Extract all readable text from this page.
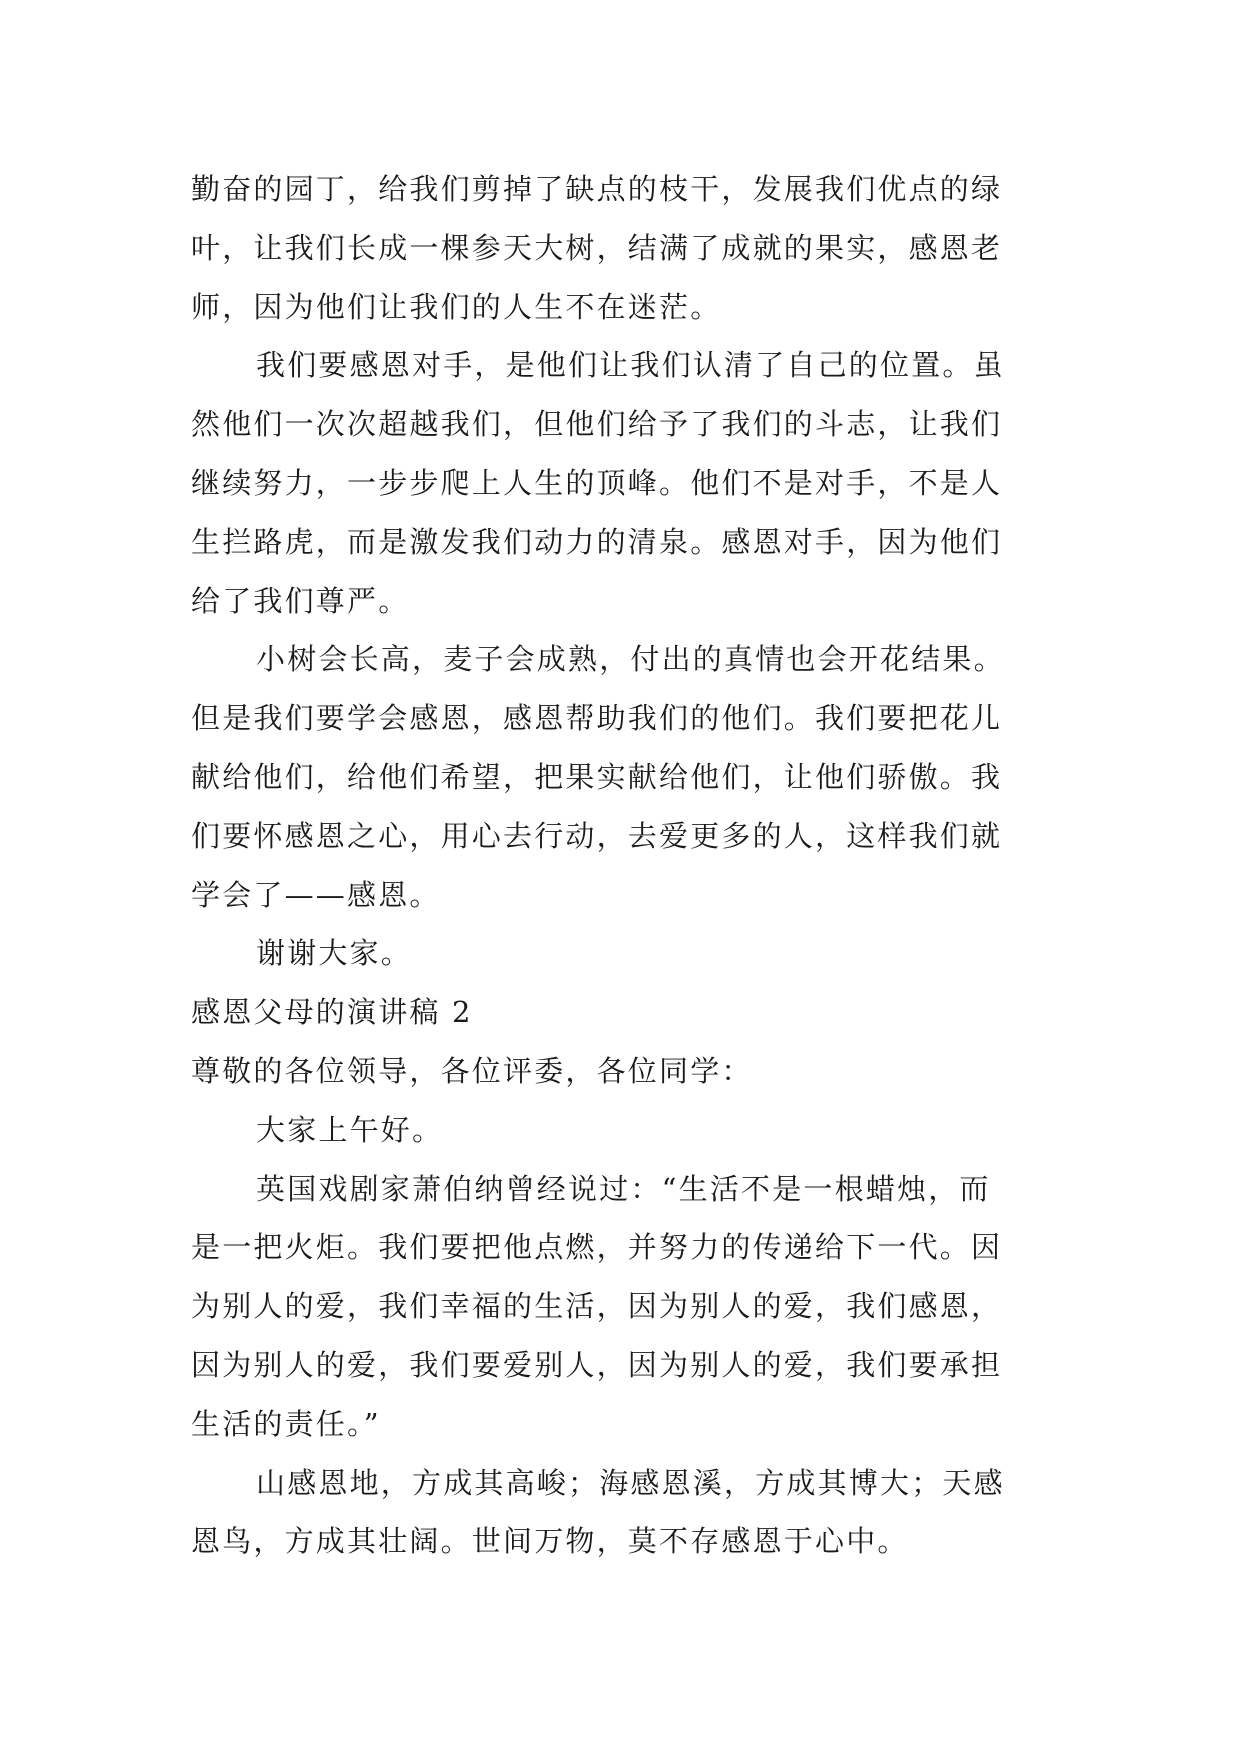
勤奋的园丁，给我们剪掉了缺点的枝干，发展我们优点的绿
叶，让我们长成一棵参天大树，结满了成就的果实，感恩老
师，因为他们让我们的人生不在迷茫。
我们要感恩对手，是他们让我们认清了自己的位置。虽
然他们一次次超越我们，但他们给予了我们的斗志，让我们
继续努力，一步步爬上人生的顶峰。他们不是对手，不是人
生拦路虎，而是激发我们动力的清泉。感恩对手，因为他们
给了我们尊严。
小树会长高，麦子会成熟，付出的真情也会开花结果。
但是我们要学会感恩，感恩帮助我们的他们。我们要把花儿
献给他们，给他们希望，把果实献给他们，让他们骄傲。我
们要怀感恩之心，用心去行动，去爱更多的人，这样我们就
学会了——感恩。
谢谢大家。
感恩父母的演讲稿 2
尊敬的各位领导，各位评委，各位同学：
大家上午好。
英国戏剧家萧伯纳曾经说过：“生活不是一根蜡烛，而
是一把火炬。我们要把他点燃，并努力的传递给下一代。因
为别人的爱，我们幸福的生活，因为别人的爱，我们感恩，
因为别人的爱，我们要爱别人，因为别人的爱，我们要承担
生活的责任。”
山感恩地，方成其高峻；海感恩溪，方成其博大；天感
恩鸟，方成其壮阔。世间万物，莫不存感恩于心中。
